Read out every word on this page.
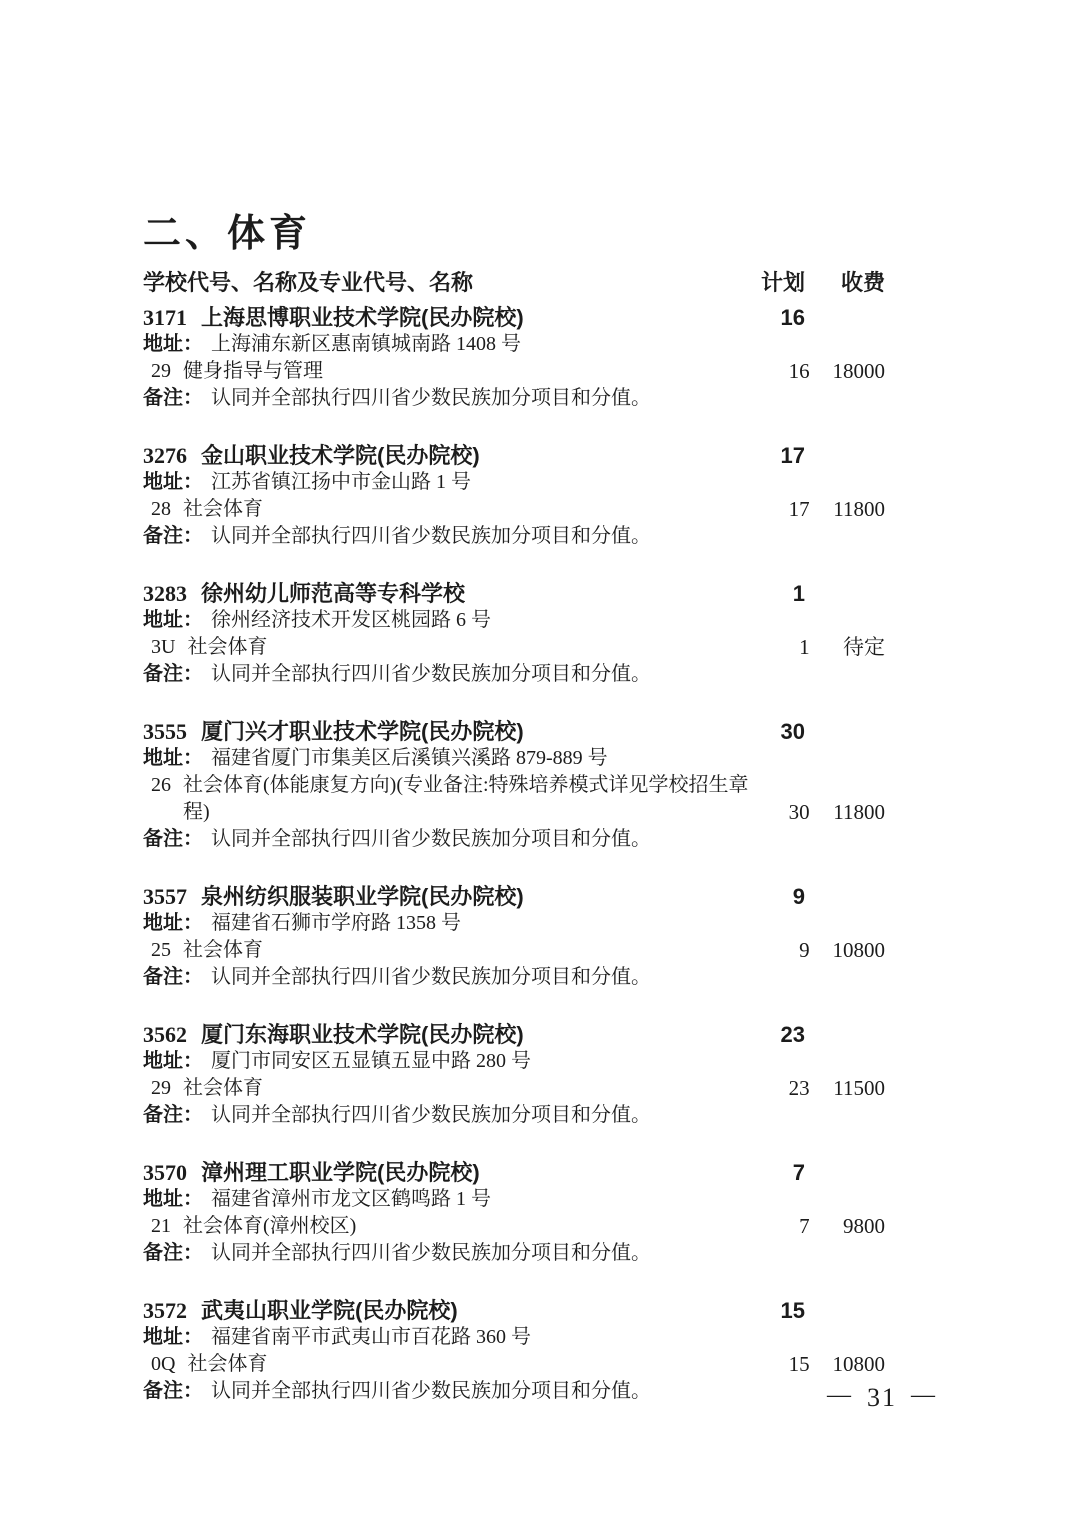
二、体育
学校代号、名称及专业代号、名称	计划	收费
3171 上海思博职业技术学院(民办院校)	16
地址： 上海浦东新区惠南镇城南路 1408 号
29 健身指导与管理	16	18000
备注： 认同并全部执行四川省少数民族加分项目和分值。
3276 金山职业技术学院(民办院校)	17
地址： 江苏省镇江扬中市金山路 1 号
28 社会体育	17	11800
备注： 认同并全部执行四川省少数民族加分项目和分值。
3283 徐州幼儿师范高等专科学校	1
地址： 徐州经济技术开发区桃园路 6 号
3U 社会体育	1	待定
备注： 认同并全部执行四川省少数民族加分项目和分值。
3555 厦门兴才职业技术学院(民办院校)	30
地址： 福建省厦门市集美区后溪镇兴溪路 879-889 号
26 社会体育(体能康复方向)(专业备注:特殊培养模式详见学校招生章程)	30	11800
备注： 认同并全部执行四川省少数民族加分项目和分值。
3557 泉州纺织服装职业学院(民办院校)	9
地址： 福建省石狮市学府路 1358 号
25 社会体育	9	10800
备注： 认同并全部执行四川省少数民族加分项目和分值。
3562 厦门东海职业技术学院(民办院校)	23
地址： 厦门市同安区五显镇五显中路 280 号
29 社会体育	23	11500
备注： 认同并全部执行四川省少数民族加分项目和分值。
3570 漳州理工职业学院(民办院校)	7
地址： 福建省漳州市龙文区鹤鸣路 1 号
21 社会体育(漳州校区)	7	9800
备注： 认同并全部执行四川省少数民族加分项目和分值。
3572 武夷山职业学院(民办院校)	15
地址： 福建省南平市武夷山市百花路 360 号
0Q 社会体育	15	10800
备注： 认同并全部执行四川省少数民族加分项目和分值。	— 31 —
